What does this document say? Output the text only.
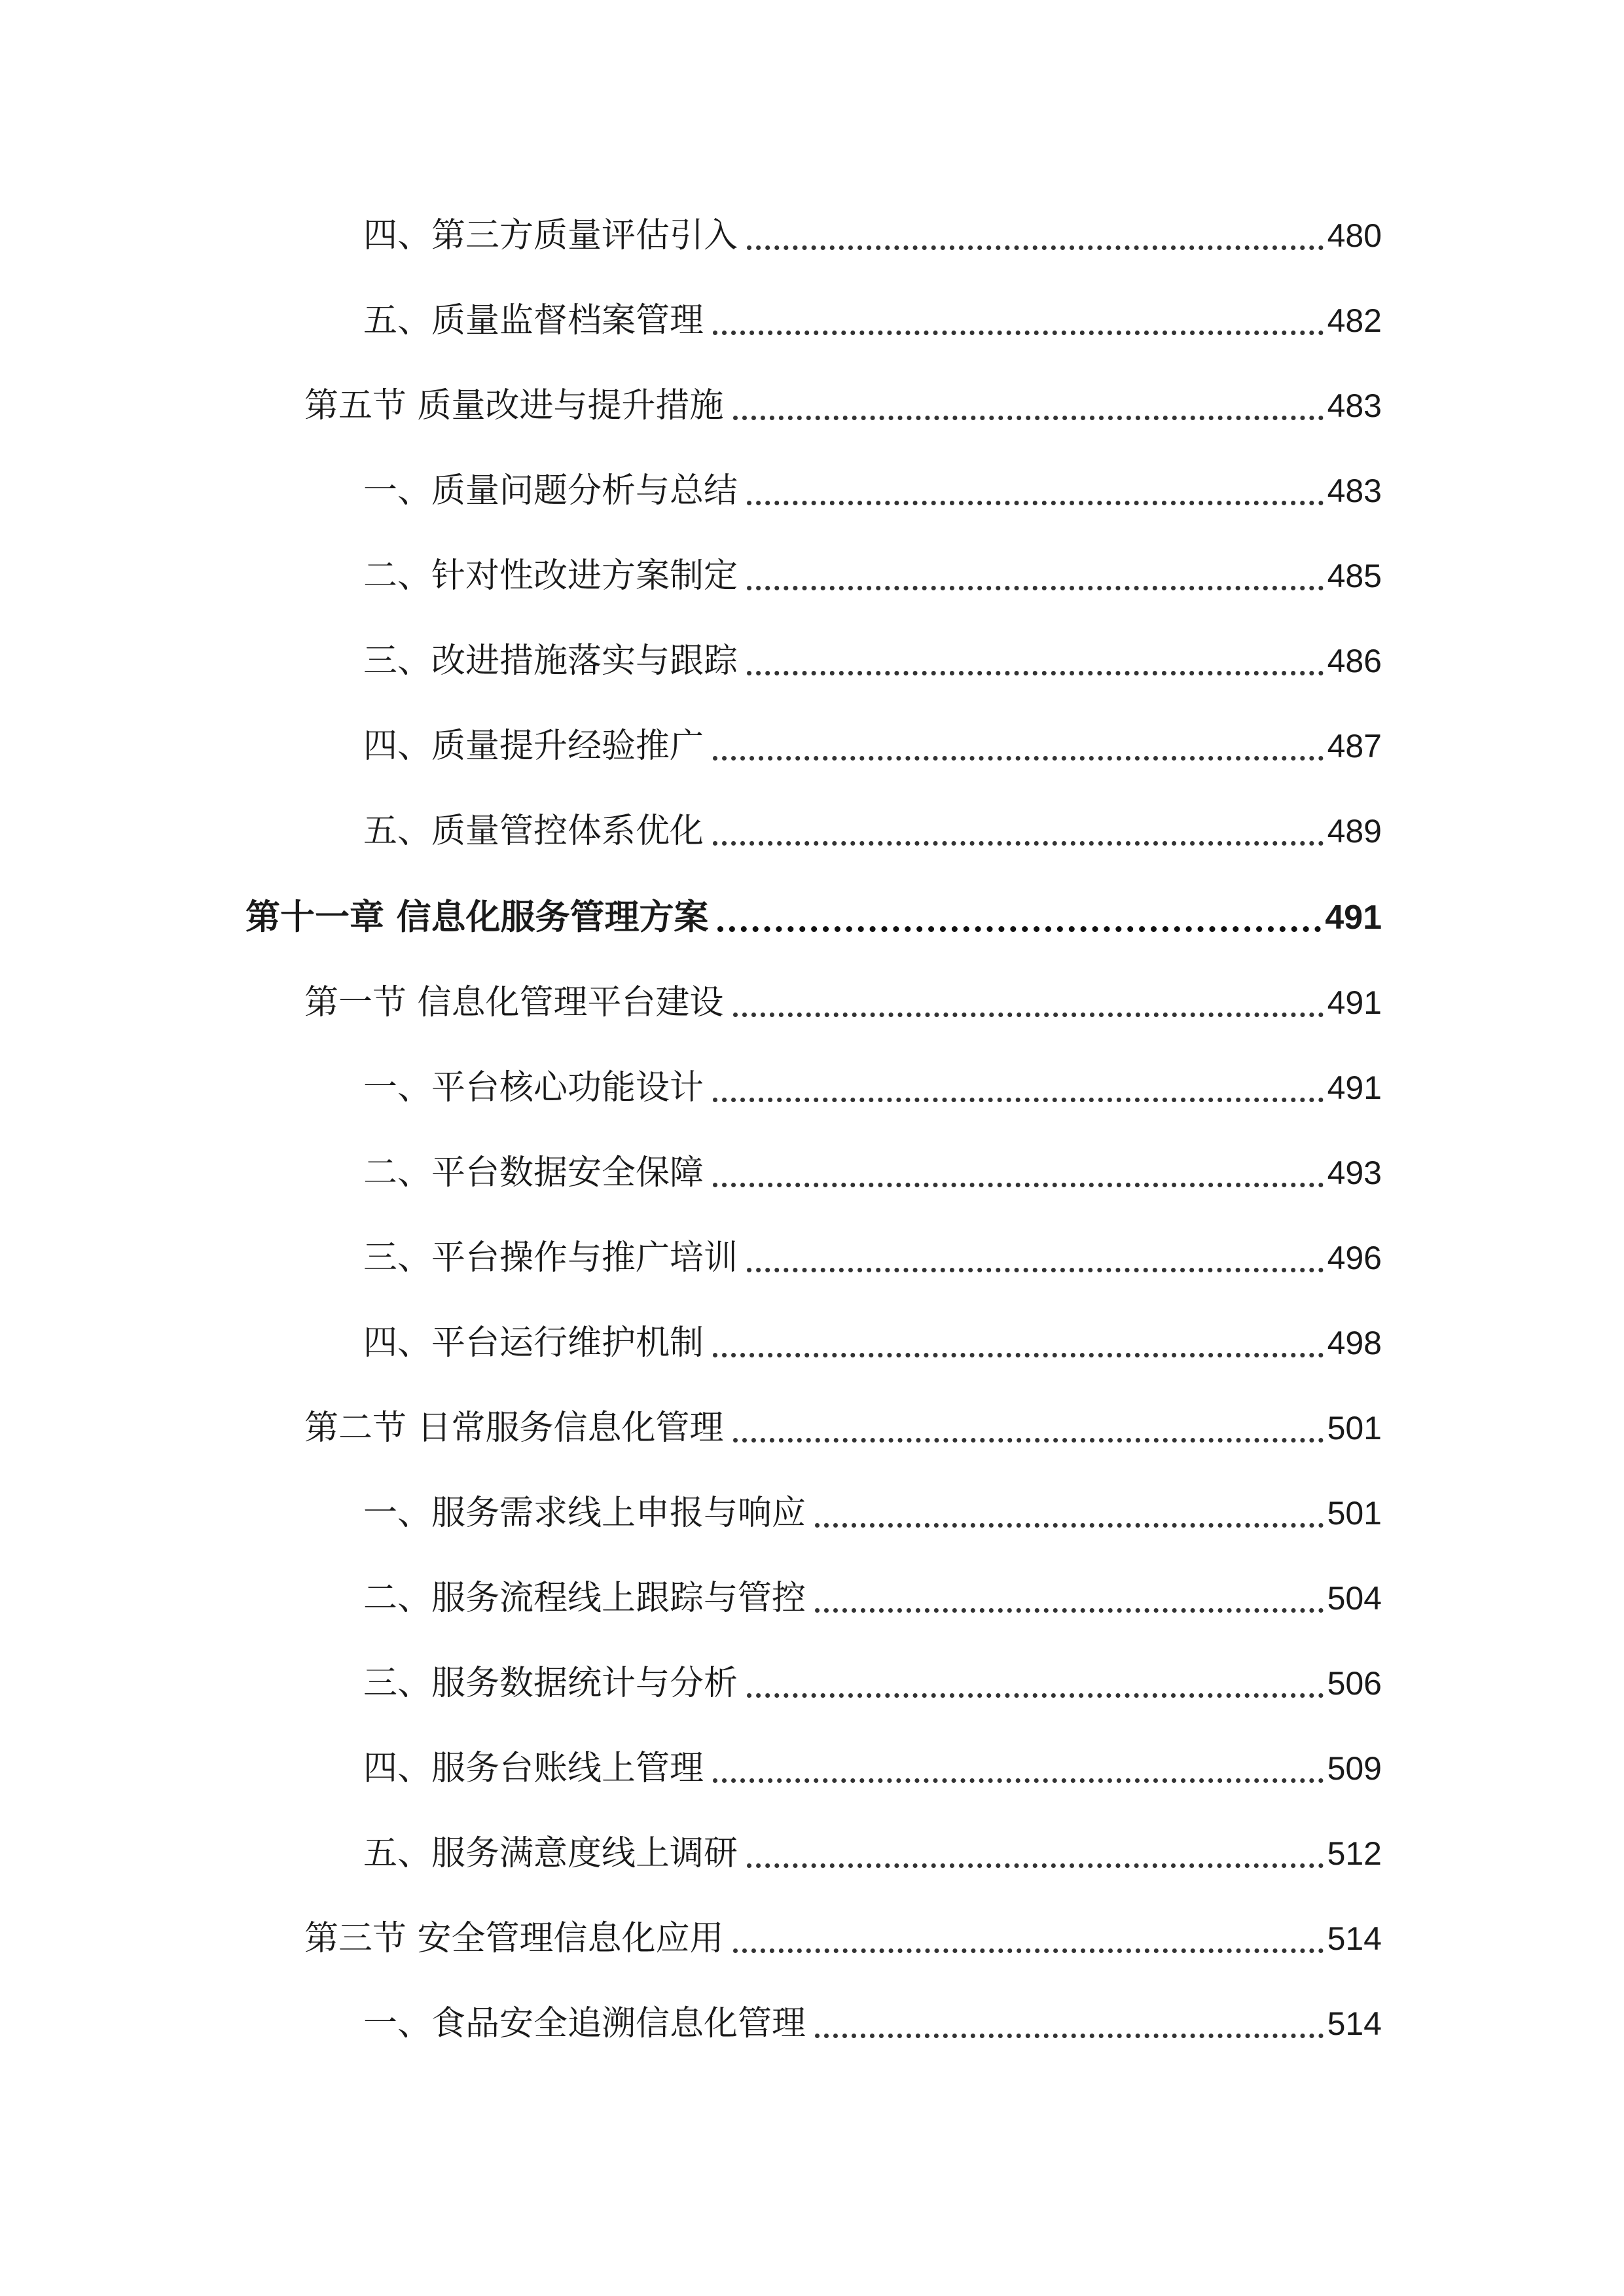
四、第三方质量评估引入	480
五、质量监督档案管理	482
第五节 质量改进与提升措施	483
一、质量问题分析与总结	483
二、针对性改进方案制定	485
三、改进措施落实与跟踪	486
四、质量提升经验推广	487
五、质量管控体系优化	489
第十一章 信息化服务管理方案	491
第一节 信息化管理平台建设	491
一、平台核心功能设计	491
二、平台数据安全保障	493
三、平台操作与推广培训	496
四、平台运行维护机制	498
第二节 日常服务信息化管理	501
一、服务需求线上申报与响应	501
二、服务流程线上跟踪与管控	504
三、服务数据统计与分析	506
四、服务台账线上管理	509
五、服务满意度线上调研	512
第三节 安全管理信息化应用	514
一、食品安全追溯信息化管理	514
